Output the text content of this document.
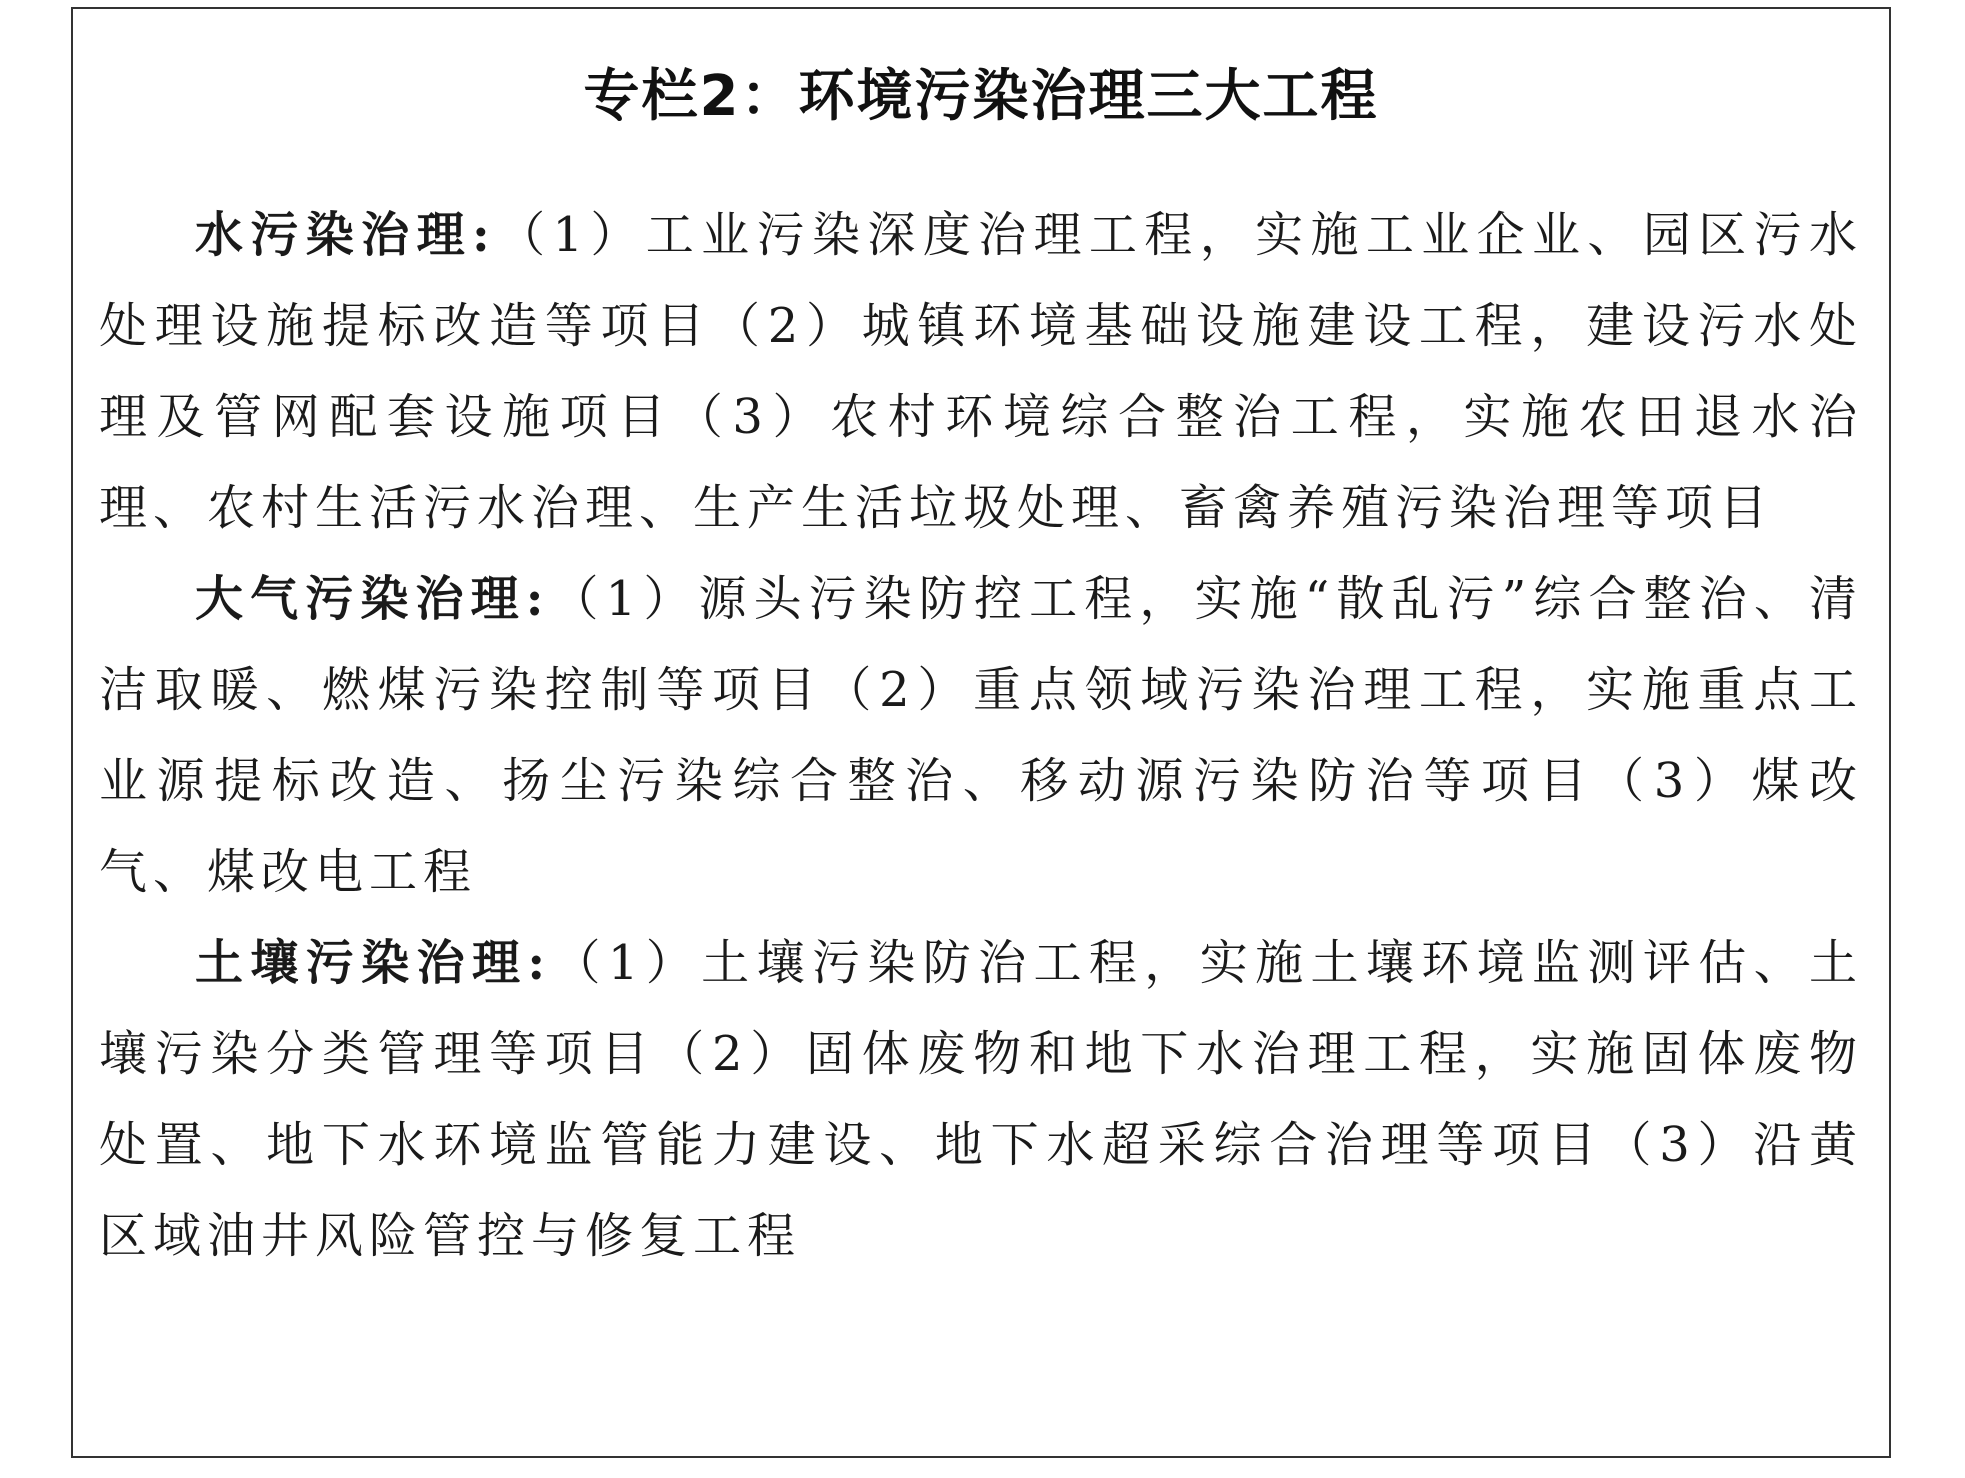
专栏2：环境污染治理三大工程

水污染治理:（1）工业污染深度治理工程，实施工业企业、园区污水处理设施提标改造等项目（2）城镇环境基础设施建设工程，建设污水处理及管网配套设施项目（3）农村环境综合整治工程，实施农田退水治理、农村生活污水治理、生产生活垃圾处理、畜禽养殖污染治理等项目

大气污染治理:（1）源头污染防控工程，实施“散乱污”综合整治、清洁取暖、燃煤污染控制等项目（2）重点领域污染治理工程，实施重点工业源提标改造、扬尘污染综合整治、移动源污染防治等项目（3）煤改气、煤改电工程

土壤污染治理:（1）土壤污染防治工程，实施土壤环境监测评估、土壤污染分类管理等项目（2）固体废物和地下水治理工程，实施固体废物处置、地下水环境监管能力建设、地下水超采综合治理等项目（3）沿黄区域油井风险管控与修复工程
